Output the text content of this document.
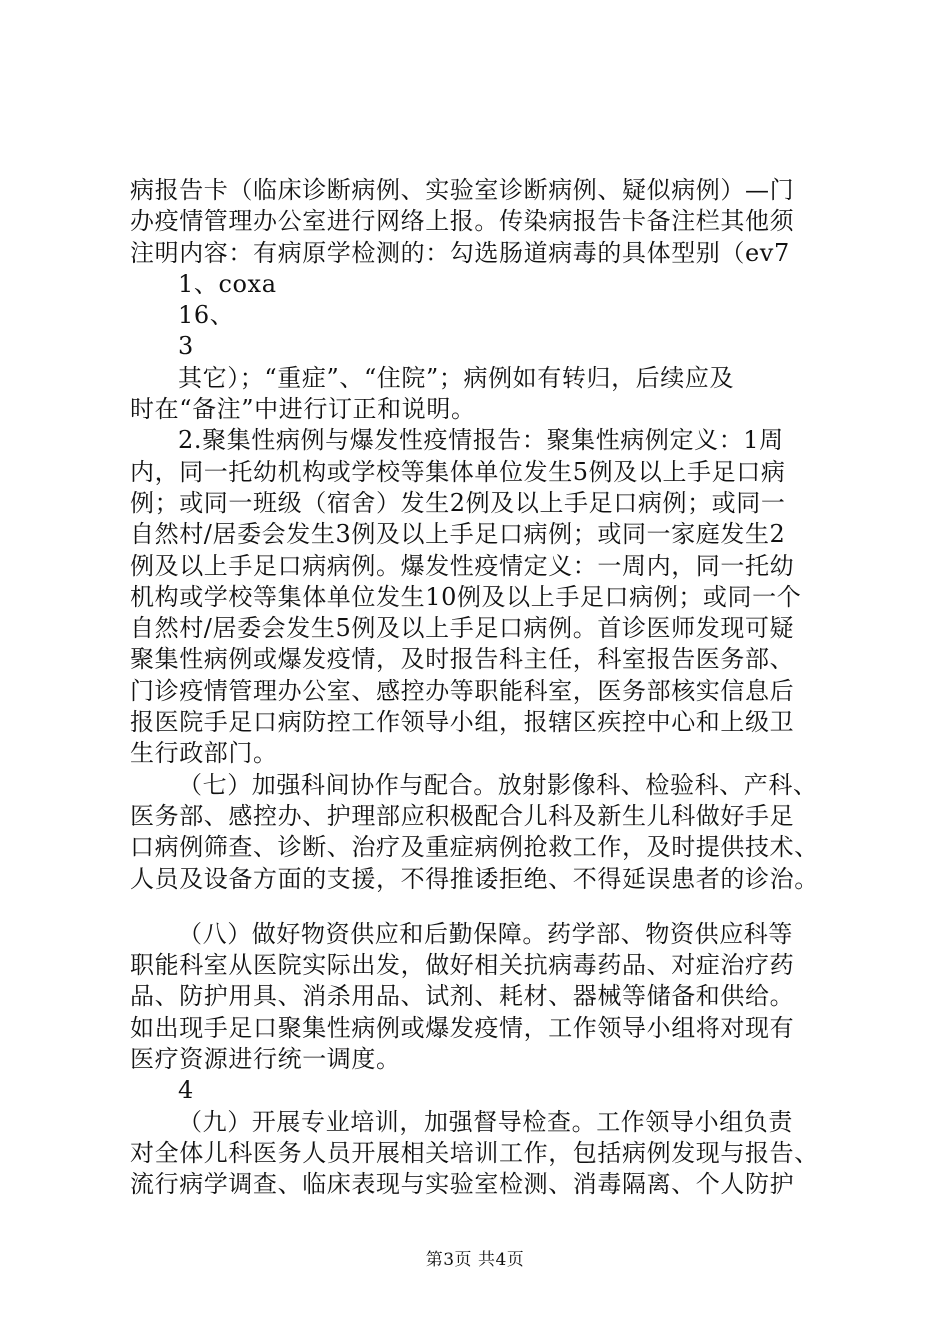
病报告卡（临床诊断病例、实验室诊断病例、疑似病例）—门
办疫情管理办公室进行网络上报。传染病报告卡备注栏其他须
注明内容：有病原学检测的：勾选肠道病毒的具体型别（ev7
1、coxa
16、
3
其它）；“重症”、“住院”；病例如有转归，后续应及
时在“备注”中进行订正和说明。
2.聚集性病例与爆发性疫情报告：聚集性病例定义：1周
内，同一托幼机构或学校等集体单位发生5例及以上手足口病
例；或同一班级（宿舍）发生2例及以上手足口病例；或同一
自然村/居委会发生3例及以上手足口病例；或同一家庭发生2
例及以上手足口病病例。爆发性疫情定义：一周内，同一托幼
机构或学校等集体单位发生10例及以上手足口病例；或同一个
自然村/居委会发生5例及以上手足口病例。首诊医师发现可疑
聚集性病例或爆发疫情，及时报告科主任，科室报告医务部、
门诊疫情管理办公室、感控办等职能科室，医务部核实信息后
报医院手足口病防控工作领导小组，报辖区疾控中心和上级卫
生行政部门。
（七）加强科间协作与配合。放射影像科、检验科、产科、
医务部、感控办、护理部应积极配合儿科及新生儿科做好手足
口病例筛查、诊断、治疗及重症病例抢救工作，及时提供技术、
人员及设备方面的支援，不得推诿拒绝、不得延误患者的诊治。
（八）做好物资供应和后勤保障。药学部、物资供应科等
职能科室从医院实际出发，做好相关抗病毒药品、对症治疗药
品、防护用具、消杀用品、试剂、耗材、器械等储备和供给。
如出现手足口聚集性病例或爆发疫情，工作领导小组将对现有
医疗资源进行统一调度。
4
（九）开展专业培训，加强督导检查。工作领导小组负责
对全体儿科医务人员开展相关培训工作，包括病例发现与报告、
流行病学调查、临床表现与实验室检测、消毒隔离、个人防护
第3页 共4页
